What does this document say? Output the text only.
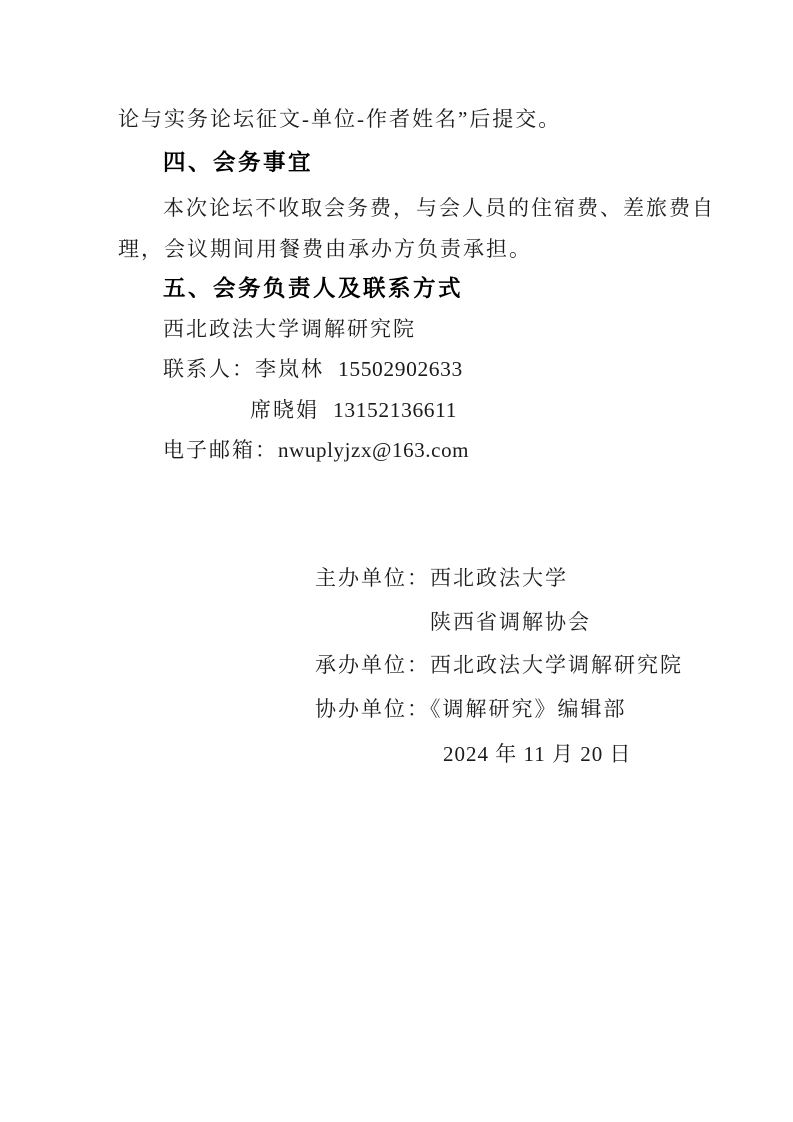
论与实务论坛征文-单位-作者姓名”后提交。
四、会务事宜
本次论坛不收取会务费，与会人员的住宿费、差旅费自
理，会议期间用餐费由承办方负责承担。
五、会务负责人及联系方式
西北政法大学调解研究院
联系人：李岚林 15502902633
席晓娟 13152136611
电子邮箱：nwuplyjzx@163.com
主办单位：西北政法大学
陕西省调解协会
承办单位：西北政法大学调解研究院
协办单位：《调解研究》编辑部
2024 年 11 月 20 日
